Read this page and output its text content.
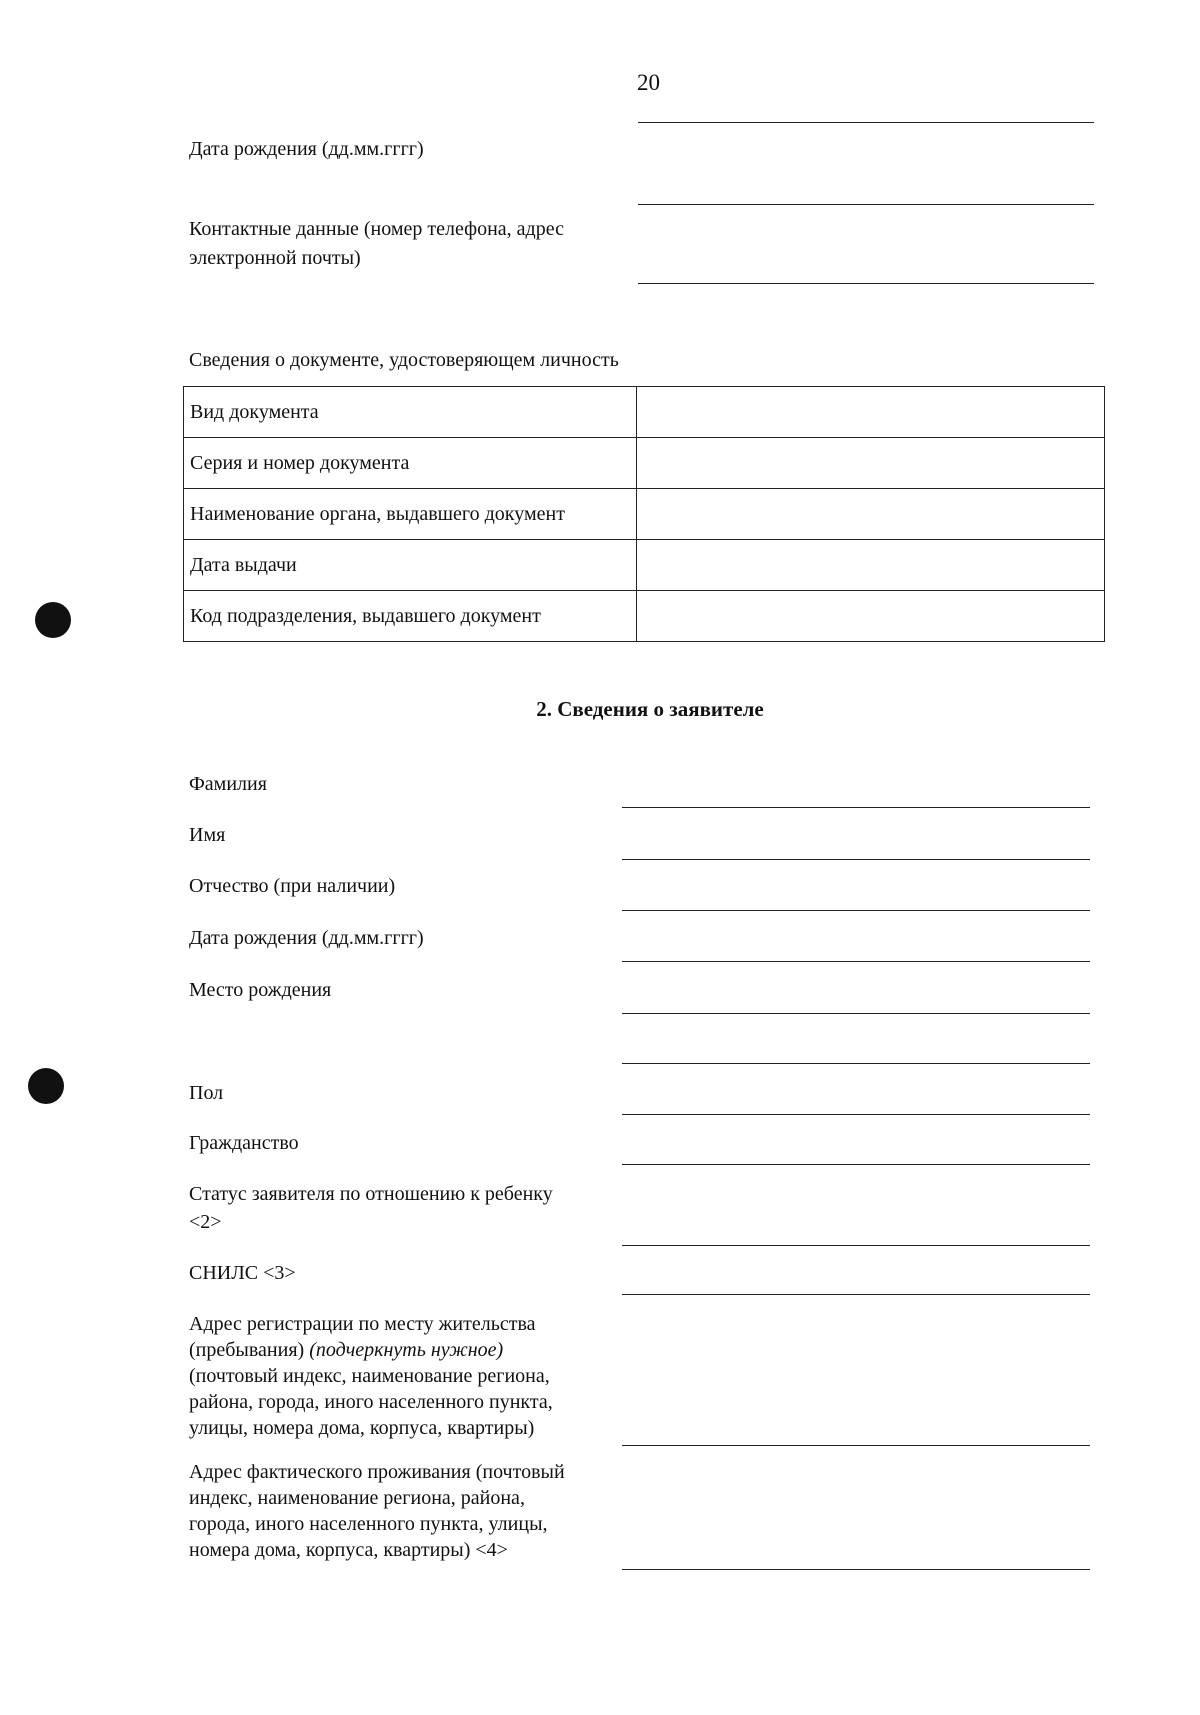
20
Дата рождения (дд.мм.гггг)
Контактные данные (номер телефона, адрес
электронной почты)
Сведения о документе, удостоверяющем личность
Вид документа	
Серия и номер документа	
Наименование органа, выдавшего документ	
Дата выдачи	
Код подразделения, выдавшего документ	
2. Сведения о заявителе
Фамилия
Имя
Отчество (при наличии)
Дата рождения (дд.мм.гггг)
Место рождения
Пол
Гражданство
Статус заявителя по отношению к ребенку
<2>
СНИЛС <3>
Адрес регистрации по месту жительства
(пребывания) (подчеркнуть нужное)
(почтовый индекс, наименование региона,
района, города, иного населенного пункта,
улицы, номера дома, корпуса, квартиры)
Адрес фактического проживания (почтовый
индекс, наименование региона, района,
города, иного населенного пункта, улицы,
номера дома, корпуса, квартиры) <4>
